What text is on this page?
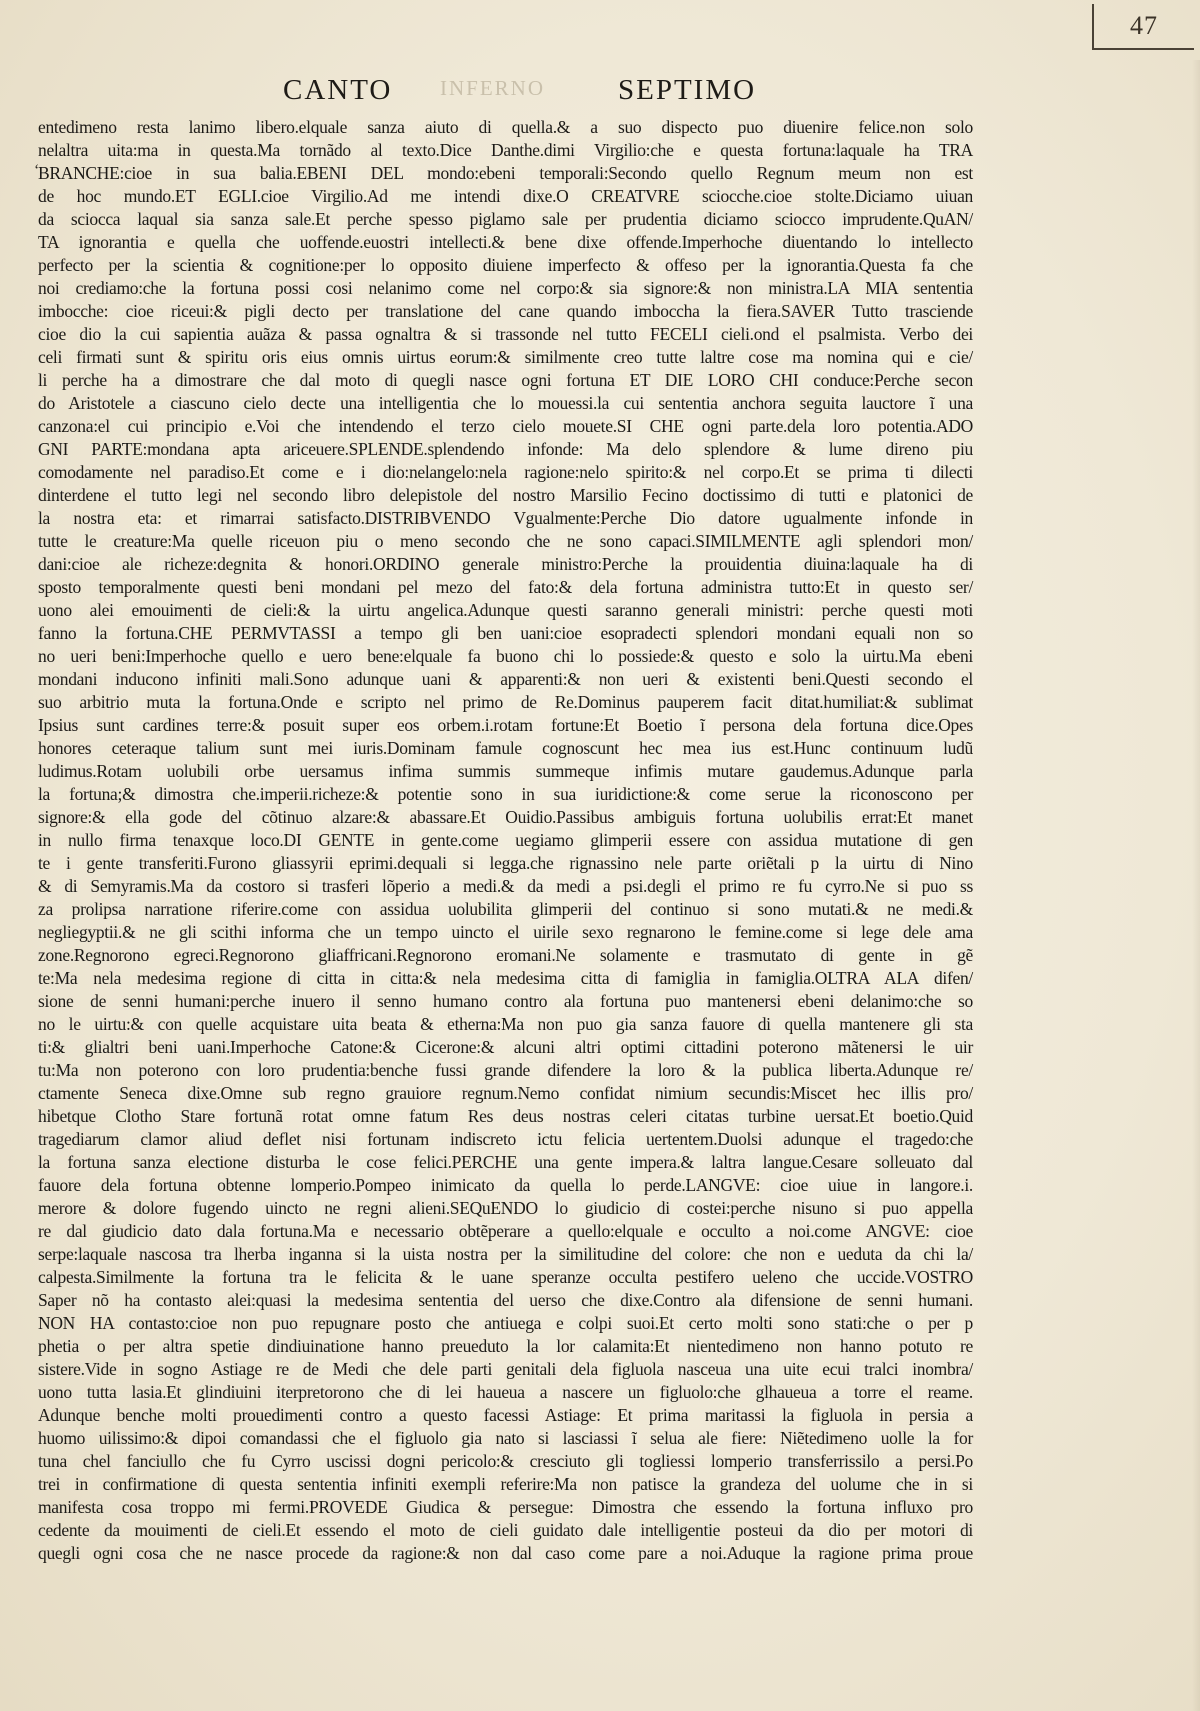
47
CANTO INFERNO	SEPTIMO
‘
entedimeno resta lanimo libero.elquale sanza aiuto di quella.& a suo dispecto puo diuenire felice.non solo
nelaltra uita:ma in questa.Ma tornãdo al texto.Dice Danthe.dimi Virgilio:che e questa fortuna:laquale ha TRA
BRANCHE:cioe in sua balia.EBENI DEL mondo:ebeni temporali:Secondo quello Regnum meum non est
de hoc mundo.ET EGLI.cioe Virgilio.Ad me intendi dixe.O CREATVRE sciocche.cioe stolte.Diciamo uiuan
da sciocca laqual sia sanza sale.Et perche spesso piglamo sale per prudentia diciamo sciocco imprudente.QuAN/
TA ignorantia e quella che uoffende.euostri intellecti.& bene dixe offende.Imperhoche diuentando lo intellecto
perfecto per la scientia & cognitione:per lo opposito diuiene imperfecto & offeso per la ignorantia.Questa fa che
noi crediamo:che la fortuna possi cosi nelanimo come nel corpo:& sia signore:& non ministra.LA MIA sententia
imbocche: cioe riceui:& pigli decto per translatione del cane quando imboccha la fiera.SAVER Tutto trasciende
cioe dio la cui sapientia auãza & passa ognaltra & si trassonde nel tutto FECELI cieli.ond el psalmista. Verbo dei
celi firmati sunt & spiritu oris eius omnis uirtus eorum:& similmente creo tutte laltre cose ma nomina qui e cie/
li perche ha a dimostrare che dal moto di quegli nasce ogni fortuna ET DIE LORO CHI conduce:Perche secon
do Aristotele a ciascuno cielo decte una intelligentia che lo mouessi.la cui sententia anchora seguita lauctore ĩ una
canzona:el cui principio e.Voi che intendendo el terzo cielo mouete.SI CHE ogni parte.dela loro potentia.ADO
GNI PARTE:mondana apta ariceuere.SPLENDE.splendendo infonde: Ma delo splendore & lume direno piu
comodamente nel paradiso.Et come e i dio:nelangelo:nela ragione:nelo spirito:& nel corpo.Et se prima ti dilecti
dinterdene el tutto legi nel secondo libro delepistole del nostro Marsilio Fecino doctissimo di tutti e platonici de
la nostra eta: et rimarrai satisfacto.DISTRIBVENDO Vgualmente:Perche Dio datore ugualmente infonde in
tutte le creature:Ma quelle riceuon piu o meno secondo che ne sono capaci.SIMILMENTE agli splendori mon/
dani:cioe ale richeze:degnita & honori.ORDINO generale ministro:Perche la prouidentia diuina:laquale ha di
sposto temporalmente questi beni mondani pel mezo del fato:& dela fortuna administra tutto:Et in questo ser/
uono alei emouimenti de cieli:& la uirtu angelica.Adunque questi saranno generali ministri: perche questi moti
fanno la fortuna.CHE PERMVTASSI a tempo gli ben uani:cioe esopradecti splendori mondani equali non so
no ueri beni:Imperhoche quello e uero bene:elquale fa buono chi lo possiede:& questo e solo la uirtu.Ma ebeni
mondani inducono infiniti mali.Sono adunque uani & apparenti:& non ueri & existenti beni.Questi secondo el
suo arbitrio muta la fortuna.Onde e scripto nel primo de Re.Dominus pauperem facit ditat.humiliat:& sublimat
Ipsius sunt cardines terre:& posuit super eos orbem.i.rotam fortune:Et Boetio ĩ persona dela fortuna dice.Opes
honores ceteraque talium sunt mei iuris.Dominam famule cognoscunt hec mea ius est.Hunc continuum ludũ
ludimus.Rotam uolubili orbe uersamus infima summis summeque infimis mutare gaudemus.Adunque parla
la fortuna;& dimostra che.imperii.richeze:& potentie sono in sua iuridictione:& come serue la riconoscono per
signore:& ella gode del cõtinuo alzare:& abassare.Et Ouidio.Passibus ambiguis fortuna uolubilis errat:Et manet
in nullo firma tenaxque loco.DI GENTE in gente.come uegiamo glimperii essere con assidua mutatione di gen
te i gente transferiti.Furono gliassyrii eprimi.dequali si legga.che rignassino nele parte oriẽtali p la uirtu di Nino
& di Semyramis.Ma da costoro si trasferi lõperio a medi.& da medi a psi.degli el primo re fu cyrro.Ne si puo ss
za prolipsa narratione riferire.come con assidua uolubilita glimperii del continuo si sono mutati.& ne medi.&
negliegyptii.& ne gli scithi informa che un tempo uincto el uirile sexo regnarono le femine.come si lege dele ama
zone.Regnorono egreci.Regnorono gliaffricani.Regnorono eromani.Ne solamente e trasmutato di gente in gẽ
te:Ma nela medesima regione di citta in citta:& nela medesima citta di famiglia in famiglia.OLTRA ALA difen/
sione de senni humani:perche inuero il senno humano contro ala fortuna puo mantenersi ebeni delanimo:che so
no le uirtu:& con quelle acquistare uita beata & etherna:Ma non puo gia sanza fauore di quella mantenere gli sta
ti:& glialtri beni uani.Imperhoche Catone:& Cicerone:& alcuni altri optimi cittadini poterono mãtenersi le uir
tu:Ma non poterono con loro prudentia:benche fussi grande difendere la loro & la publica liberta.Adunque re/
ctamente Seneca dixe.Omne sub regno grauiore regnum.Nemo confidat nimium secundis:Miscet hec illis pro/
hibetque Clotho Stare fortunã rotat omne fatum Res deus nostras celeri citatas turbine uersat.Et boetio.Quid
tragediarum clamor aliud deflet nisi fortunam indiscreto ictu felicia uertentem.Duolsi adunque el tragedo:che
la fortuna sanza electione disturba le cose felici.PERCHE una gente impera.& laltra langue.Cesare solleuato dal
fauore dela fortuna obtenne lomperio.Pompeo inimicato da quella lo perde.LANGVE: cioe uiue in langore.i.
merore & dolore fugendo uincto ne regni alieni.SEQuENDO lo giudicio di costei:perche nisuno si puo appella
re dal giudicio dato dala fortuna.Ma e necessario obtẽperare a quello:elquale e occulto a noi.come ANGVE: cioe
serpe:laquale nascosa tra lherba inganna si la uista nostra per la similitudine del colore: che non e ueduta da chi la/
calpesta.Similmente la fortuna tra le felicita & le uane speranze occulta pestifero ueleno che uccide.VOSTRO
Saper nõ ha contasto alei:quasi la medesima sententia del uerso che dixe.Contro ala difensione de senni humani.
NON HA contasto:cioe non puo repugnare posto che antiuega e colpi suoi.Et certo molti sono stati:che o per p
phetia o per altra spetie dindiuinatione hanno preueduto la lor calamita:Et nientedimeno non hanno potuto re
sistere.Vide in sogno Astiage re de Medi che dele parti genitali dela figluola nasceua una uite ecui tralci inombra/
uono tutta lasia.Et glindiuini iterpretorono che di lei haueua a nascere un figluolo:che glhaueua a torre el reame.
Adunque benche molti prouedimenti contro a questo facessi Astiage: Et prima maritassi la figluola in persia a
huomo uilissimo:& dipoi comandassi che el figluolo gia nato si lasciassi ĩ selua ale fiere: Niẽtedimeno uolle la for
tuna chel fanciullo che fu Cyrro uscissi dogni pericolo:& cresciuto gli togliessi lomperio transferrissilo a persi.Po
trei in confirmatione di questa sententia infiniti exempli referire:Ma non patisce la grandeza del uolume che in si
manifesta cosa troppo mi fermi.PROVEDE Giudica & persegue: Dimostra che essendo la fortuna influxo pro
cedente da mouimenti de cieli.Et essendo el moto de cieli guidato dale intelligentie posteui da dio per motori di
quegli ogni cosa che ne nasce procede da ragione:& non dal caso come pare a noi.Aduque la ragione prima proue
